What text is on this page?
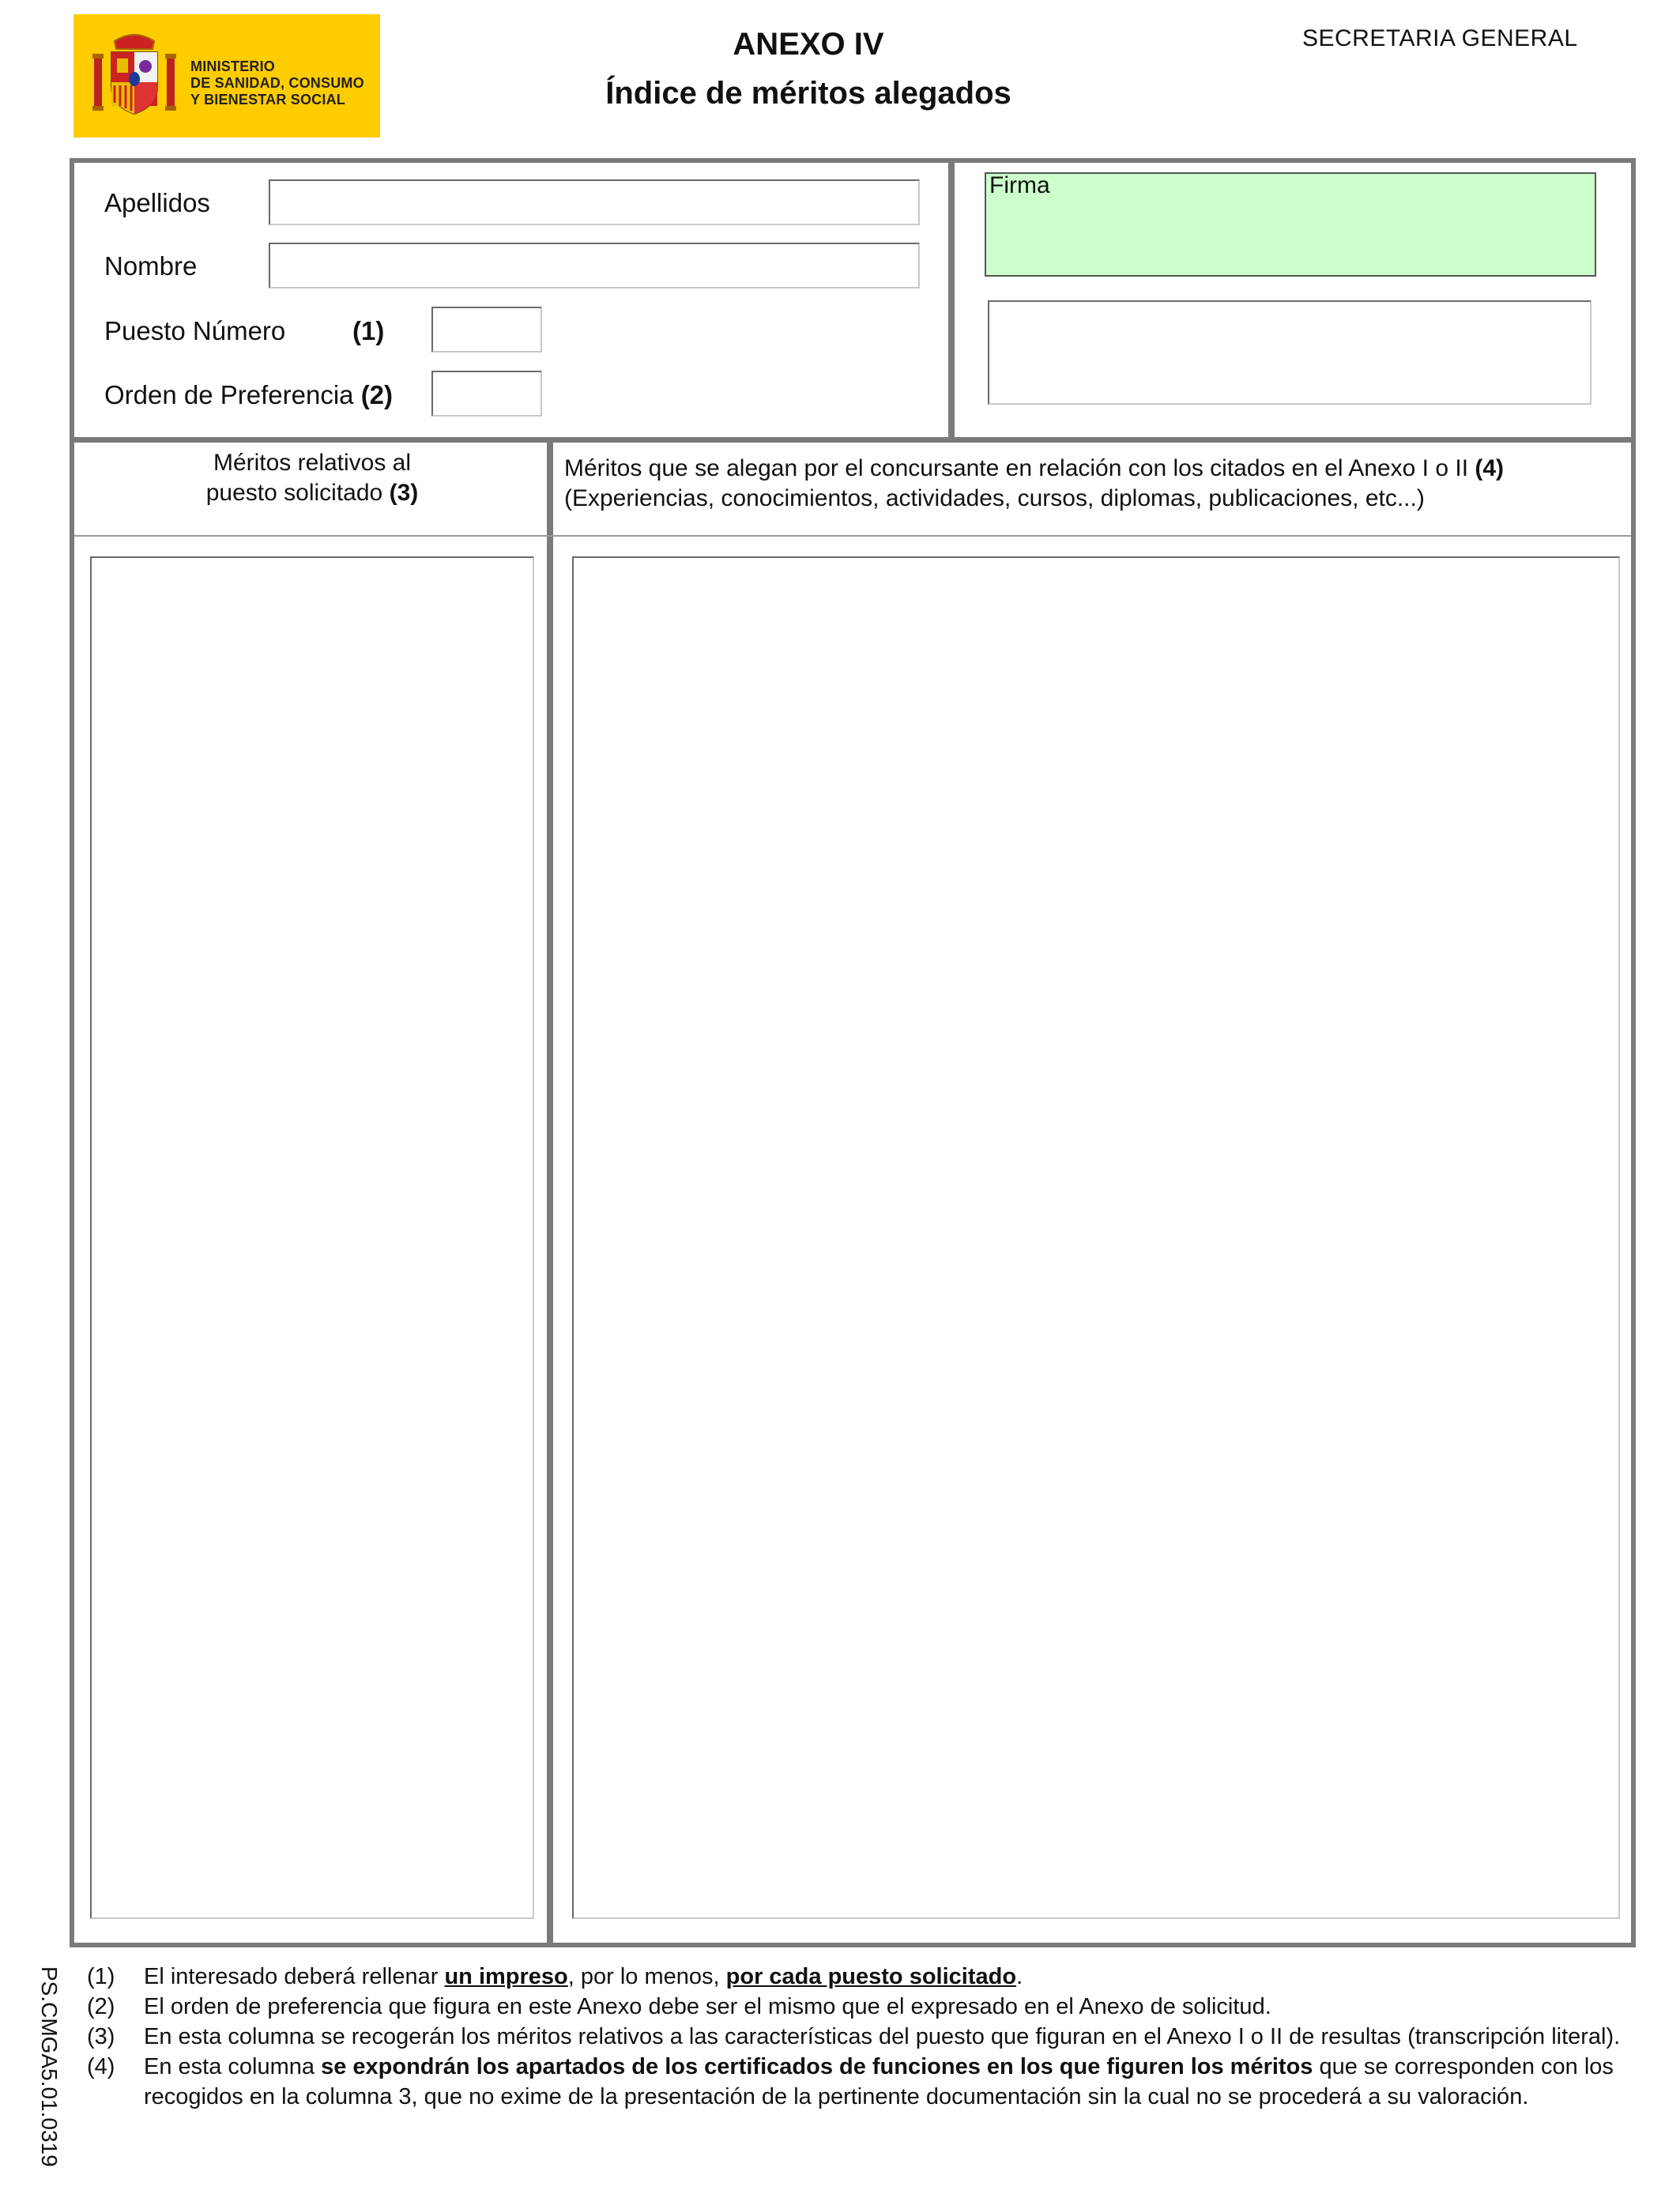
MINISTERIO
DE SANIDAD, CONSUMO
Y BIENESTAR SOCIAL
ANEXO IV
Índice de méritos alegados
SECRETARIA GENERAL
Apellidos
Nombre
Puesto Número	(1)
Orden de Preferencia (2)
Firma
Méritos relativos al
puesto solicitado (3)
Méritos que se alegan por el concursante en relación con los citados en el Anexo I o II (4)
(Experiencias, conocimientos, actividades, cursos, diplomas, publicaciones, etc...)
(1)	El interesado deberá rellenar un impreso, por lo menos, por cada puesto solicitado.
(2)	El orden de preferencia que figura en este Anexo debe ser el mismo que el expresado en el Anexo de solicitud.
(3)	En esta columna se recogerán los méritos relativos a las características del puesto que figuran en el Anexo I o II de resultas (transcripción literal).
(4)	En esta columna se expondrán los apartados de los certificados de funciones en los que figuren los méritos que se corresponden con los recogidos en la columna 3, que no exime de la presentación de la pertinente documentación sin la cual no se procederá a su valoración.
PS.CMGA5.01.0319
